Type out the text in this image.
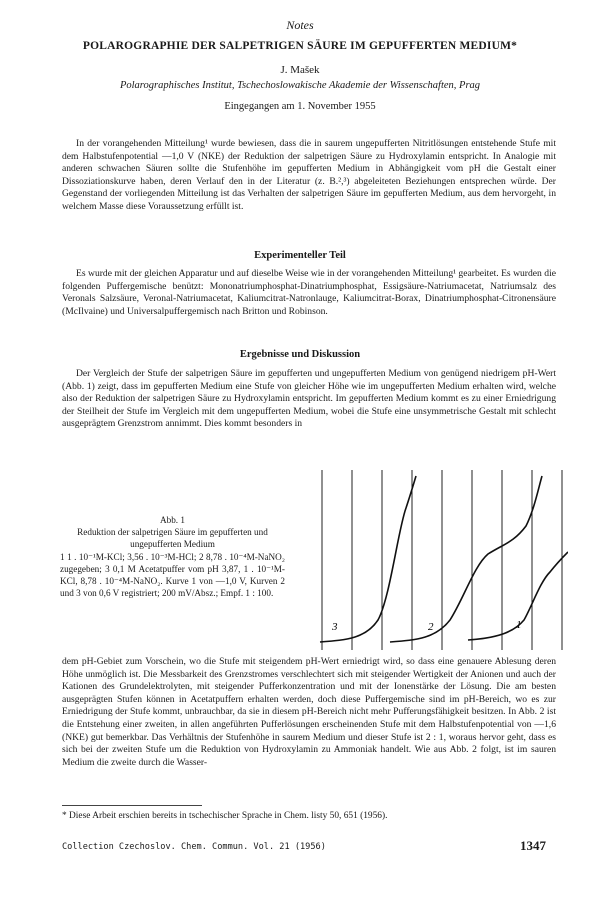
Notes
POLAROGRAPHIE DER SALPETRIGEN SÄURE IM GEPUFFERTEN MEDIUM*
J. Mašek
Polarographisches Institut, Tschechoslowakische Akademie der Wissenschaften, Prag
Eingegangen am 1. November 1955

In der vorangehenden Mitteilung¹ wurde bewiesen, dass die in saurem ungepufferten Nitritlösungen entstehende Stufe mit dem Halbstufenpotential —1,0 V (NKE) der Reduktion der salpetrigen Säure zu Hydroxylamin entspricht. In Analogie mit anderen schwachen Säuren sollte die Stufenhöhe im gepufferten Medium in Abhängigkeit vom pH die Gestalt einer Dissoziationskurve haben, deren Verlauf den in der Literatur (z. B.²,³) abgeleiteten Beziehungen entsprechen würde. Der Gegenstand der vorliegenden Mitteilung ist das Verhalten der salpetrigen Säure im gepufferten Medium, aus dem hervorgeht, in welchem Masse diese Voraussetzung erfüllt ist.

Experimenteller Teil

Es wurde mit der gleichen Apparatur und auf dieselbe Weise wie in der vorangehenden Mitteilung¹ gearbeitet. Es wurden die folgenden Puffergemische benützt: Mononatriumphosphat-Dinatriumphosphat, Essigsäure-Natriumacetat, Natriumsalz des Veronals Salzsäure, Veronal-Natriumacetat, Kaliumcitrat-Natronlauge, Kaliumcitrat-Borax, Dinatriumphosphat-Citronensäure (McIlvaine) und Universalpuffergemisch nach Britton und Robinson.

Ergebnisse und Diskussion

Der Vergleich der Stufe der salpetrigen Säure im gepufferten und ungepufferten Medium von genügend niedrigem pH-Wert (Abb. 1) zeigt, dass im gepufferten Medium eine Stufe von gleicher Höhe wie im ungepufferten Medium erhalten wird, welche also der Reduktion der salpetrigen Säure zu Hydroxylamin entspricht. Im gepufferten Medium kommt es zu einer Erniedrigung der Steilheit der Stufe im Vergleich mit dem ungepufferten Medium, wobei die Stufe eine unsymmetrische Gestalt mit schlecht ausgeprägtem Grenzstrom annimmt. Dies kommt besonders in

Abb. 1
Reduktion der salpetrigen Säure im gepufferten und ungepufferten Medium
1 1 . 10⁻¹M-KCl; 3,56 . 10⁻³M-HCl; 2 8,78 . 10⁻⁴M-NaNO₂ zugegeben; 3 0,1 M Acetatpuffer vom pH 3,87, 1 . 10⁻¹M-KCl, 8,78 . 10⁻⁴M-NaNO₂. Kurve 1 von —1,0 V, Kurven 2 und 3 von 0,6 V registriert; 200 mV/Absz.; Empf. 1 : 100.
3	2	1

dem pH-Gebiet zum Vorschein, wo die Stufe mit steigendem pH-Wert erniedrigt wird, so dass eine genauere Ablesung deren Höhe unmöglich ist. Die Messbarkeit des Grenzstromes verschlechtert sich mit steigender Wertigkeit der Anionen und auch der Kationen des Grundelektrolyten, mit steigender Pufferkonzentration und mit der Ionenstärke der Lösung. Die am besten ausgeprägten Stufen können in Acetatpuffern erhalten werden, doch diese Puffergemische sind im pH-Bereich, wo es zur Erniedrigung der Stufe kommt, unbrauchbar, da sie in diesem pH-Bereich nicht mehr Pufferungsfähigkeit besitzen. In Abb. 2 ist die Entstehung einer zweiten, in allen angeführten Pufferlösungen erscheinenden Stufe mit dem Halbstufenpotential von —1,6 (NKE) gut bemerkbar. Das Verhältnis der Stufenhöhe in saurem Medium und dieser Stufe ist 2 : 1, woraus hervor geht, dass es sich bei der zweiten Stufe um die Reduktion von Hydroxylamin zu Ammoniak handelt. Wie aus Abb. 2 folgt, ist im sauren Medium die zweite durch die Wasser-

* Diese Arbeit erschien bereits in tschechischer Sprache in Chem. listy 50, 651 (1956).
Collection Czechoslov. Chem. Commun. Vol. 21 (1956)	1347
